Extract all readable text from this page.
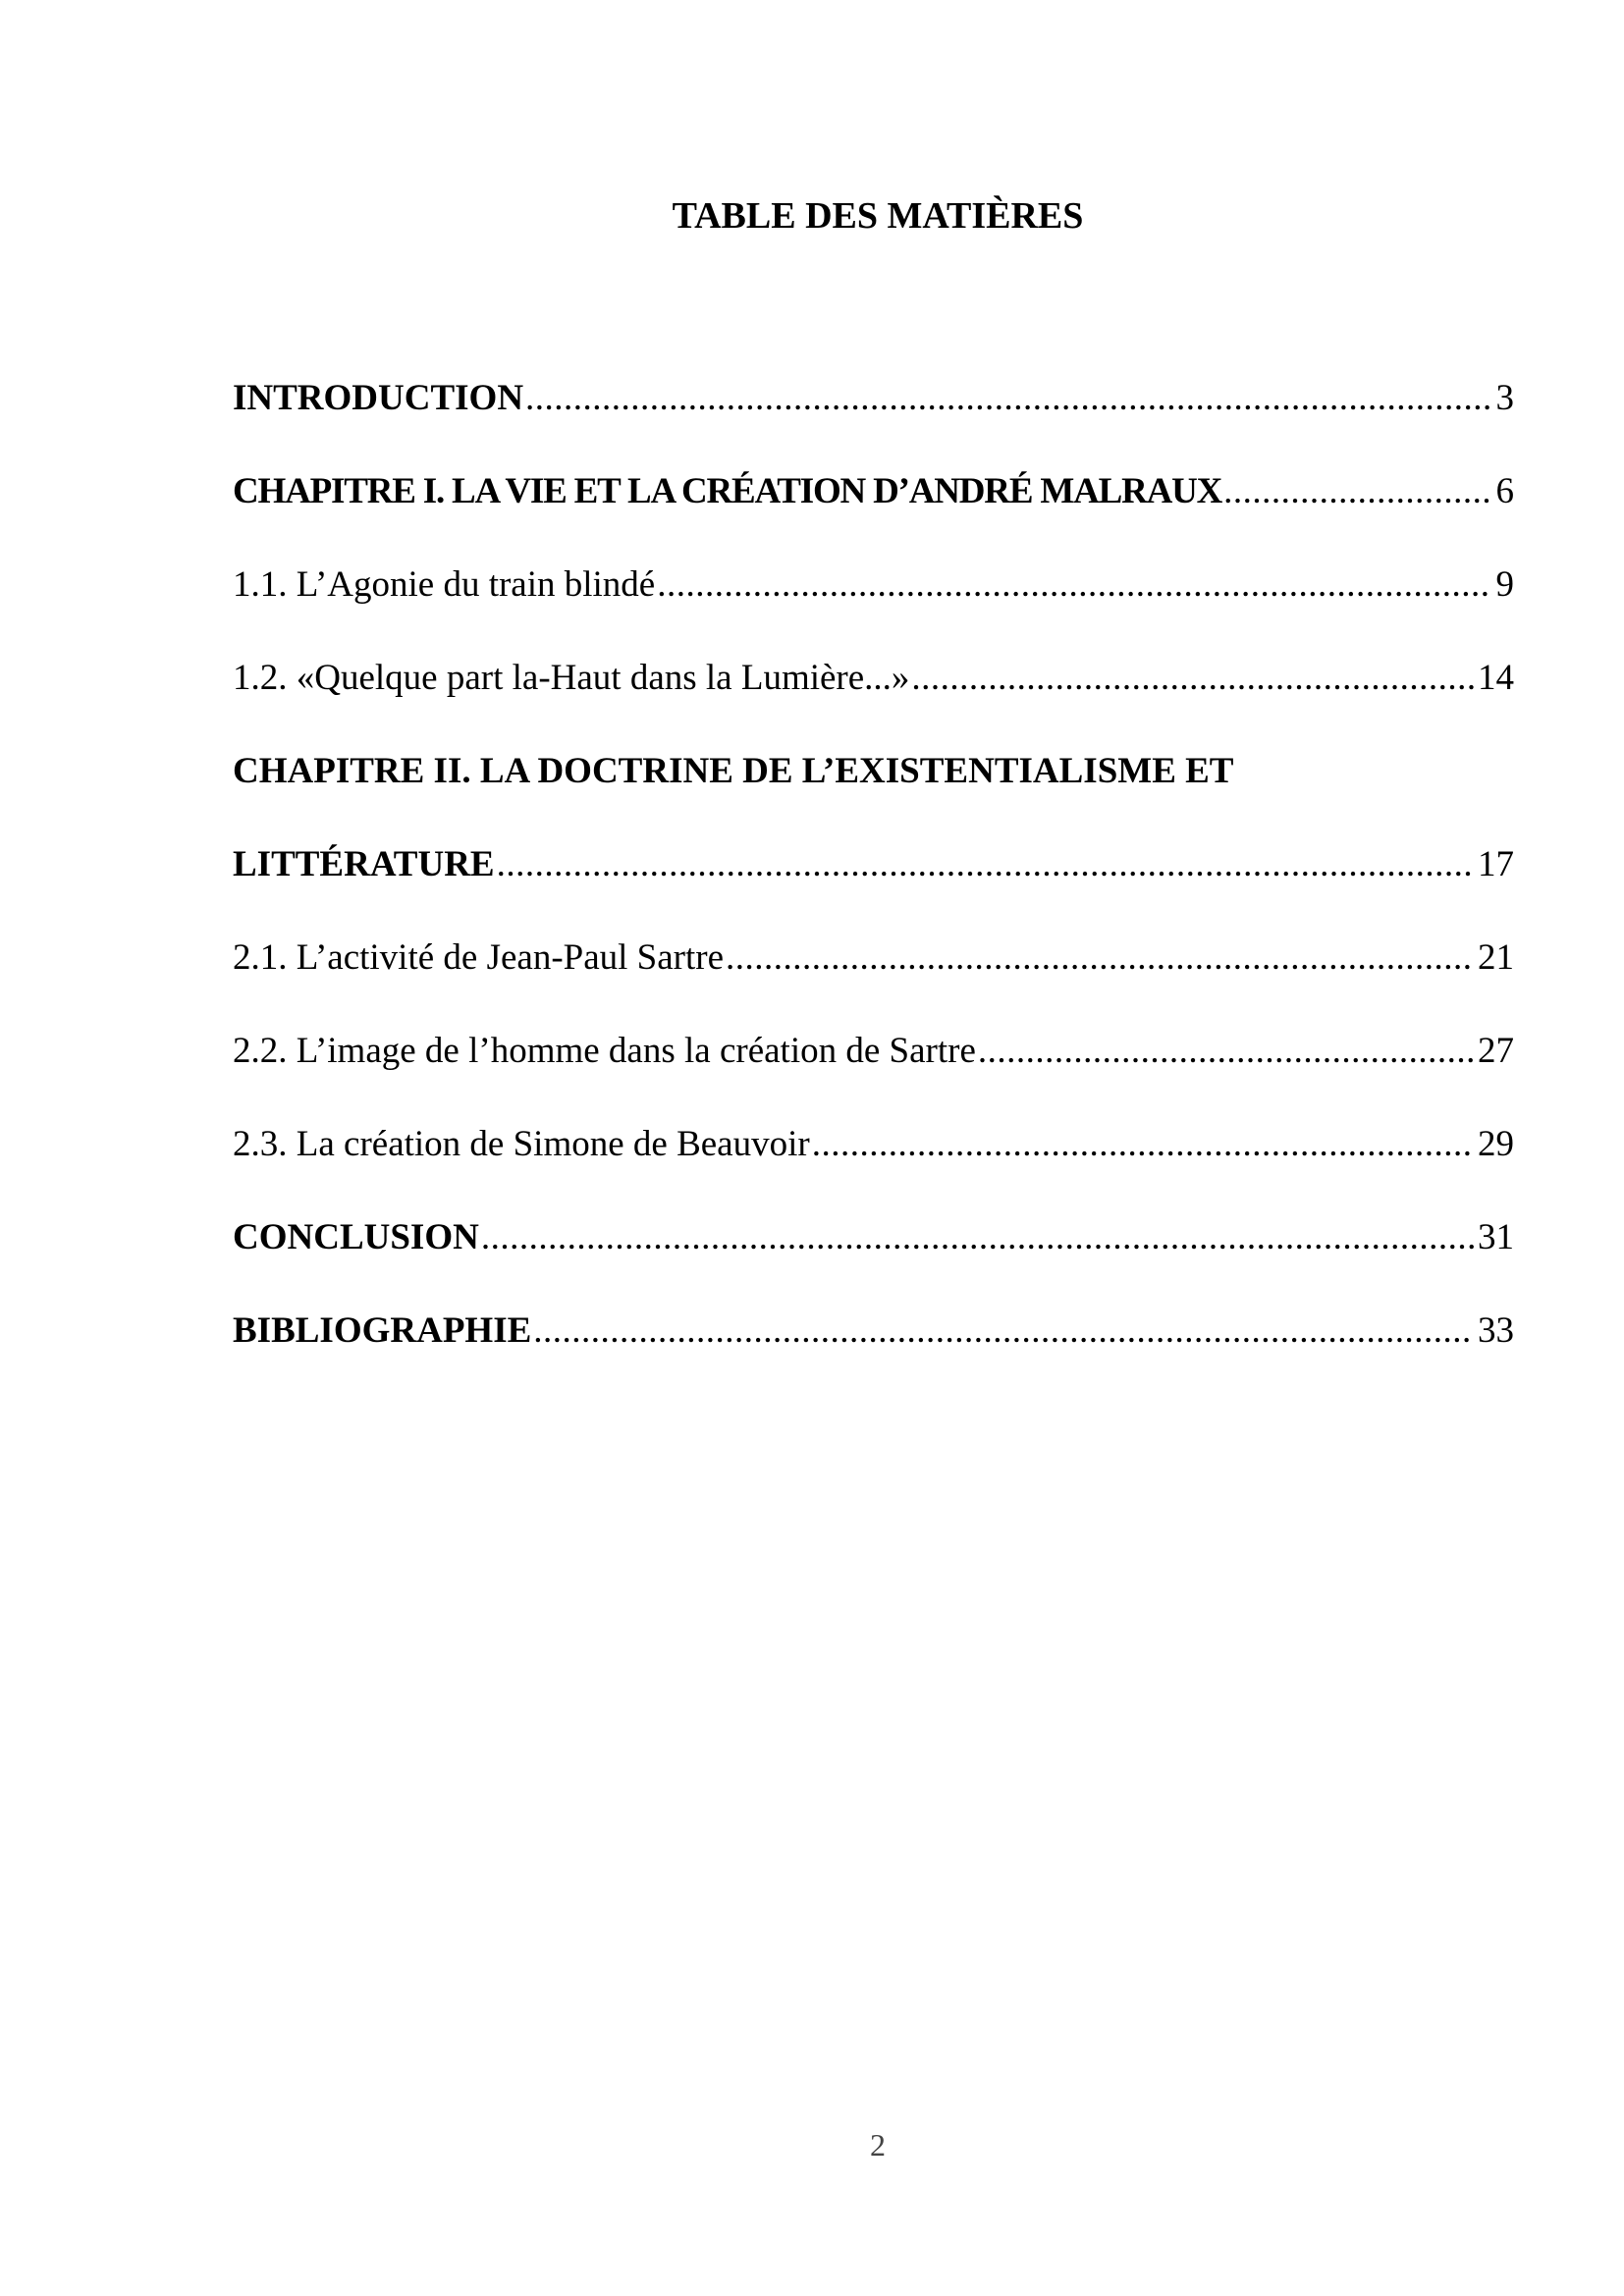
TABLE DES MATIÈRES
INTRODUCTION .....	3
CHAPITRE I. LA VIE ET LA CRÉATION D’ANDRÉ MALRAUX .....	6
1.1. L’Agonie du train blindé .....	9
1.2. «Quelque part la-Haut dans la Lumière...» .....	14
CHAPITRE II. LA DOCTRINE DE L’EXISTENTIALISME ET
LITTÉRATURE .....	17
2.1. L’activité de Jean-Paul Sartre .....	21
2.2. L’image de l’homme dans la création de Sartre .....	27
2.3. La création de Simone de Beauvoir .....	29
CONCLUSION .....	31
BIBLIOGRAPHIE .....	33
2
